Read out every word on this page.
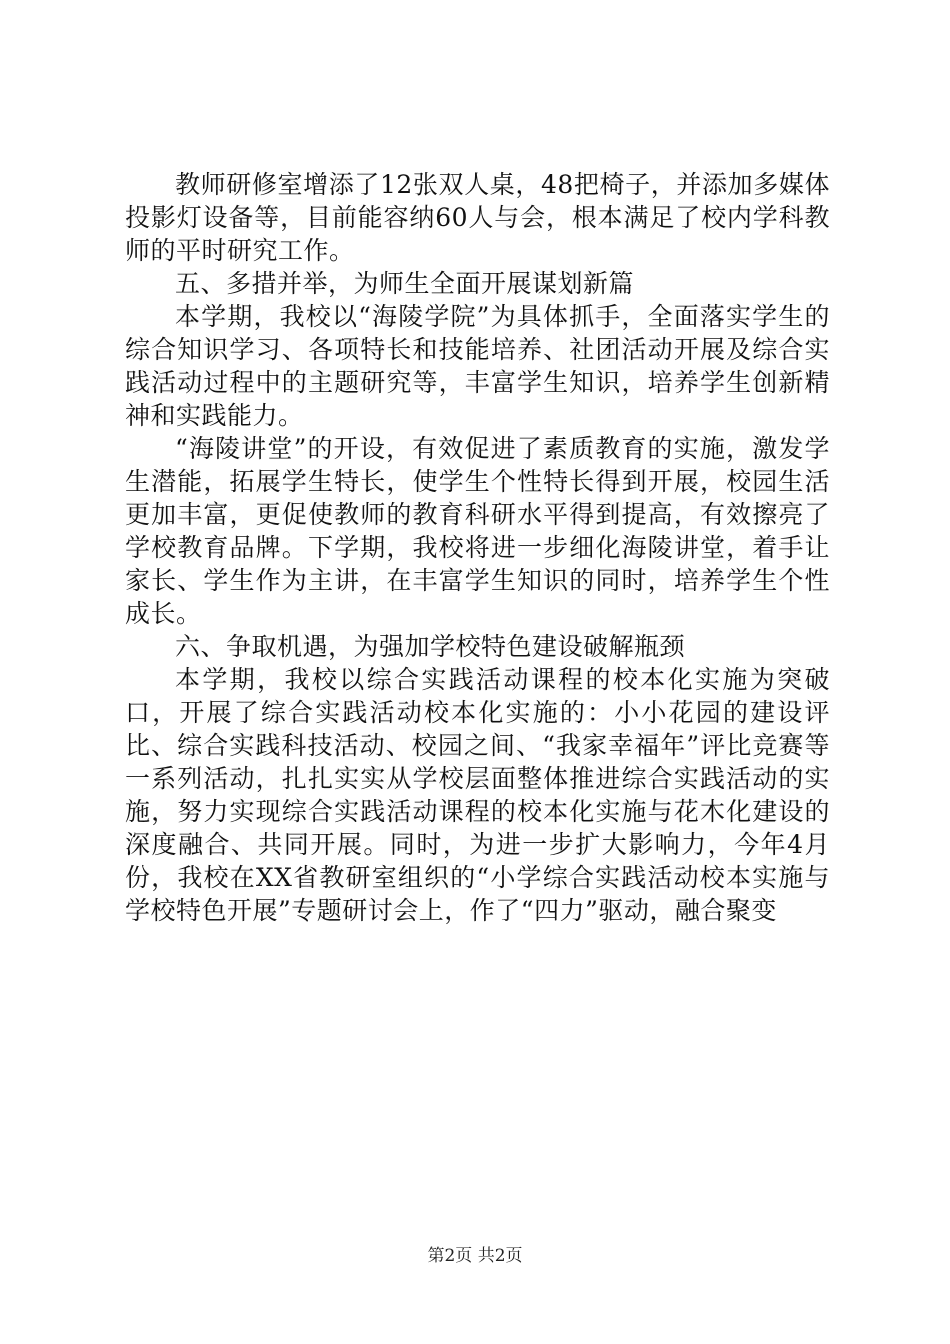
教师研修室增添了12张双人桌，48把椅子，并添加多媒体投影灯设备等，目前能容纳60人与会，根本满足了校内学科教师的平时研究工作。

五、多措并举，为师生全面开展谋划新篇

本学期，我校以“海陵学院”为具体抓手，全面落实学生的综合知识学习、各项特长和技能培养、社团活动开展及综合实践活动过程中的主题研究等，丰富学生知识，培养学生创新精神和实践能力。

“海陵讲堂”的开设，有效促进了素质教育的实施，激发学生潜能，拓展学生特长，使学生个性特长得到开展，校园生活更加丰富，更促使教师的教育科研水平得到提高，有效擦亮了学校教育品牌。下学期，我校将进一步细化海陵讲堂，着手让家长、学生作为主讲，在丰富学生知识的同时，培养学生个性成长。

六、争取机遇，为强加学校特色建设破解瓶颈

本学期，我校以综合实践活动课程的校本化实施为突破口，开展了综合实践活动校本化实施的：小小花园的建设评比、综合实践科技活动、校园之间、“我家幸福年”评比竞赛等一系列活动，扎扎实实从学校层面整体推进综合实践活动的实施，努力实现综合实践活动课程的校本化实施与花木化建设的深度融合、共同开展。同时，为进一步扩大影响力，今年4月份，我校在XX省教研室组织的“小学综合实践活动校本实施与学校特色开展”专题研讨会上，作了“四力”驱动，融合聚变

第2页 共2页
